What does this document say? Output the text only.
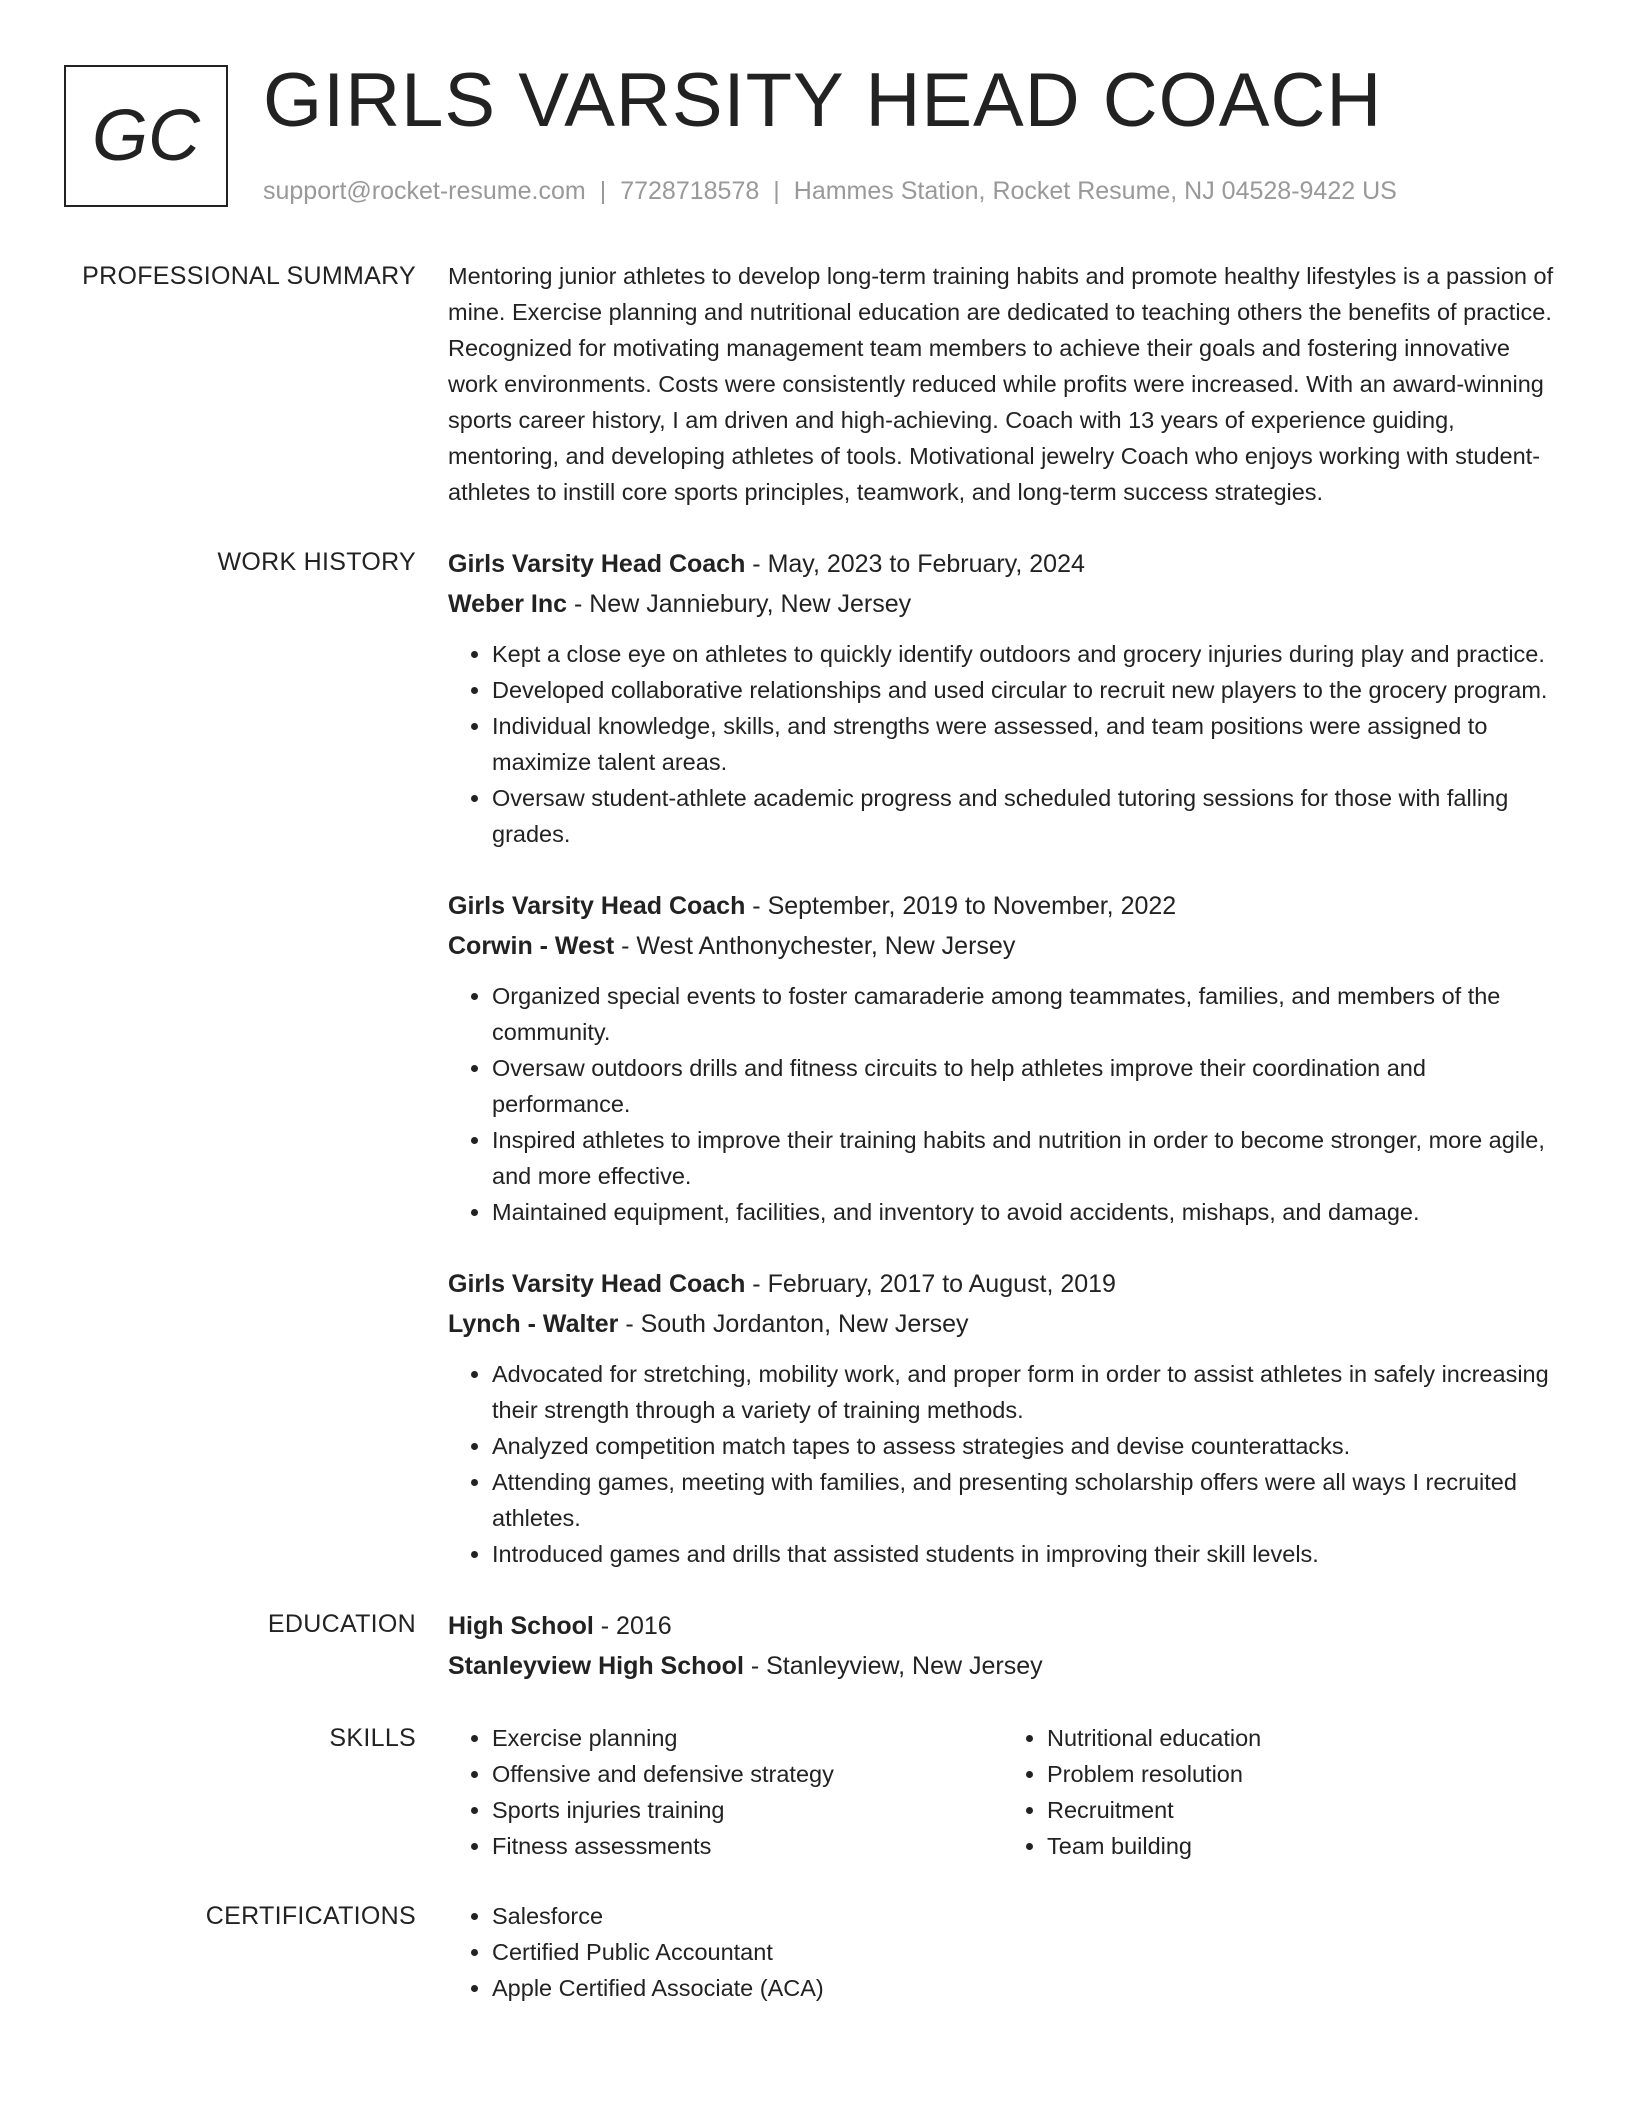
GC GIRLS VARSITY HEAD COACH
support@rocket-resume.com | 7728718578 | Hammes Station, Rocket Resume, NJ 04528-9422 US
PROFESSIONAL SUMMARY Mentoring junior athletes to develop long-term training habits and promote healthy lifestyles is a passion of mine. Exercise planning and nutritional education are dedicated to teaching others the benefits of practice. Recognized for motivating management team members to achieve their goals and fostering innovative work environments. Costs were consistently reduced while profits were increased. With an award-winning sports career history, I am driven and high-achieving. Coach with 13 years of experience guiding, mentoring, and developing athletes of tools. Motivational jewelry Coach who enjoys working with student-athletes to instill core sports principles, teamwork, and long-term success strategies.

WORK HISTORY Girls Varsity Head Coach - May, 2023 to February, 2024
Weber Inc - New Janniebury, New Jersey
• Kept a close eye on athletes to quickly identify outdoors and grocery injuries during play and practice.
• Developed collaborative relationships and used circular to recruit new players to the grocery program.
• Individual knowledge, skills, and strengths were assessed, and team positions were assigned to maximize talent areas.
• Oversaw student-athlete academic progress and scheduled tutoring sessions for those with falling grades.
Girls Varsity Head Coach - September, 2019 to November, 2022
Corwin - West - West Anthonychester, New Jersey
• Organized special events to foster camaraderie among teammates, families, and members of the community.
• Oversaw outdoors drills and fitness circuits to help athletes improve their coordination and performance.
• Inspired athletes to improve their training habits and nutrition in order to become stronger, more agile, and more effective.
• Maintained equipment, facilities, and inventory to avoid accidents, mishaps, and damage.
Girls Varsity Head Coach - February, 2017 to August, 2019
Lynch - Walter - South Jordanton, New Jersey
• Advocated for stretching, mobility work, and proper form in order to assist athletes in safely increasing their strength through a variety of training methods.
• Analyzed competition match tapes to assess strategies and devise counterattacks.
• Attending games, meeting with families, and presenting scholarship offers were all ways I recruited athletes.
• Introduced games and drills that assisted students in improving their skill levels.
EDUCATION High School - 2016
Stanleyview High School - Stanleyview, New Jersey
SKILLS	• Exercise planning
• Offensive and defensive strategy
• Sports injuries training
• Fitness assessments
• Nutritional education
• Problem resolution
• Recruitment
• Team building
CERTIFICATIONS	• Salesforce
• Certified Public Accountant
• Apple Certified Associate (ACA)
